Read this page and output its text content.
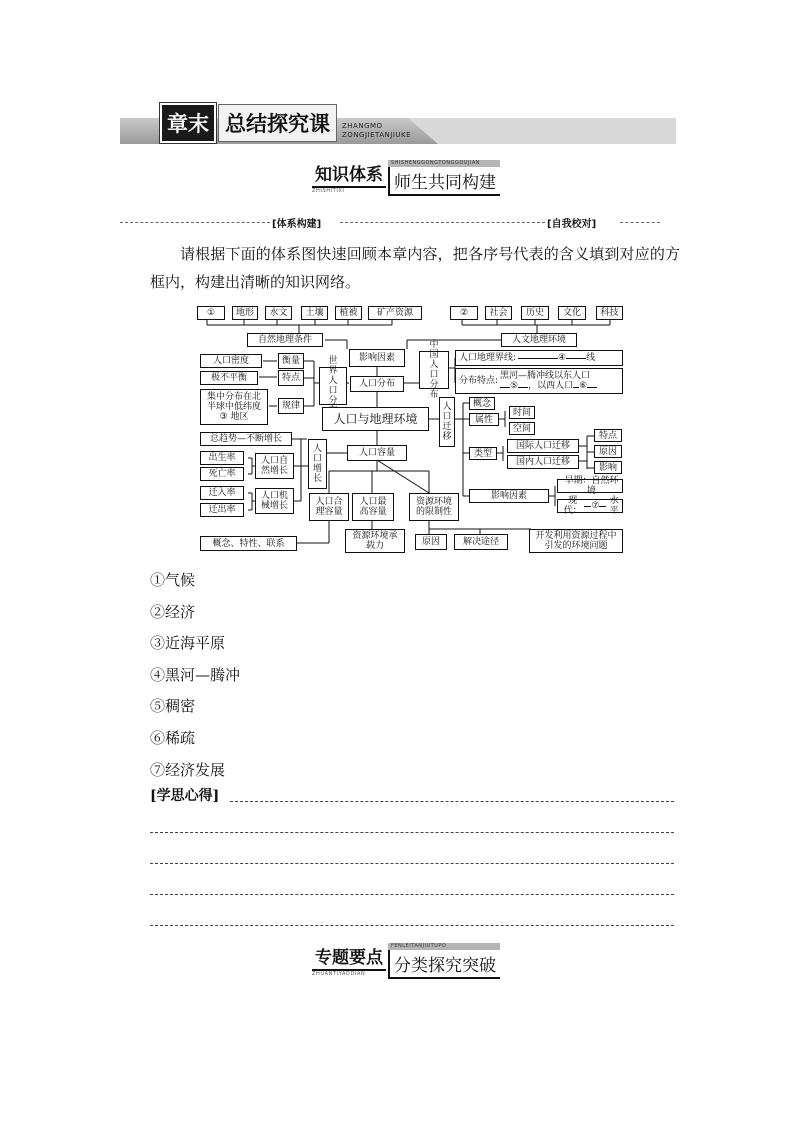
章末 总结探究课	ZHANGMO
ZONGJIETANJIUKE
知识体系
ZHISHITIXI
SHISHENGGONGTONGGOUJIAN
师生共同构建
[体系构建]	[自我校对]
请根据下面的体系图快速回顾本章内容，把各序号代表的含义填到对应的方框内，构建出清晰的知识网络。
①	地形	水文	土壤	植被	矿产资源
自然地理条件
②	社会	历史	文化	科技
人文地理环境
影响因素
人口密度	衡量
极不平衡	特点
集中分布在北
半球中低纬度
③ 地区
规律
世界人口分
人口分布
中国人口分布
人口地理界线:	④ 线
分布特点: 黑河—腾冲线以东人口
⑤ ，以西人口 ⑥
人口与地理环境
人口迁移
概念
属性
时间
空间
类型
国际人口迁移
国内人口迁移
特点
原因
影响
影响因素
早期：自然环境
现代：	⑦	水平
总趋势—不断增长
出生率
死亡率
人口自然增长
迁入率
迁出率
人口机械增长
人口增长
人口容量
人口合理容量
人口最高容量
资源环境的限制性
概念、特性、联系
资源环境承载力	原因	解决途径
开发利用资源过程中引发的环境问题
①气候
②经济
③近海平原
④黑河—腾冲
⑤稠密
⑥稀疏
⑦经济发展
[学思心得]
专题要点
ZHUANTIYAODIAN
FENLEITANJIUTUPO
分类探究突破
